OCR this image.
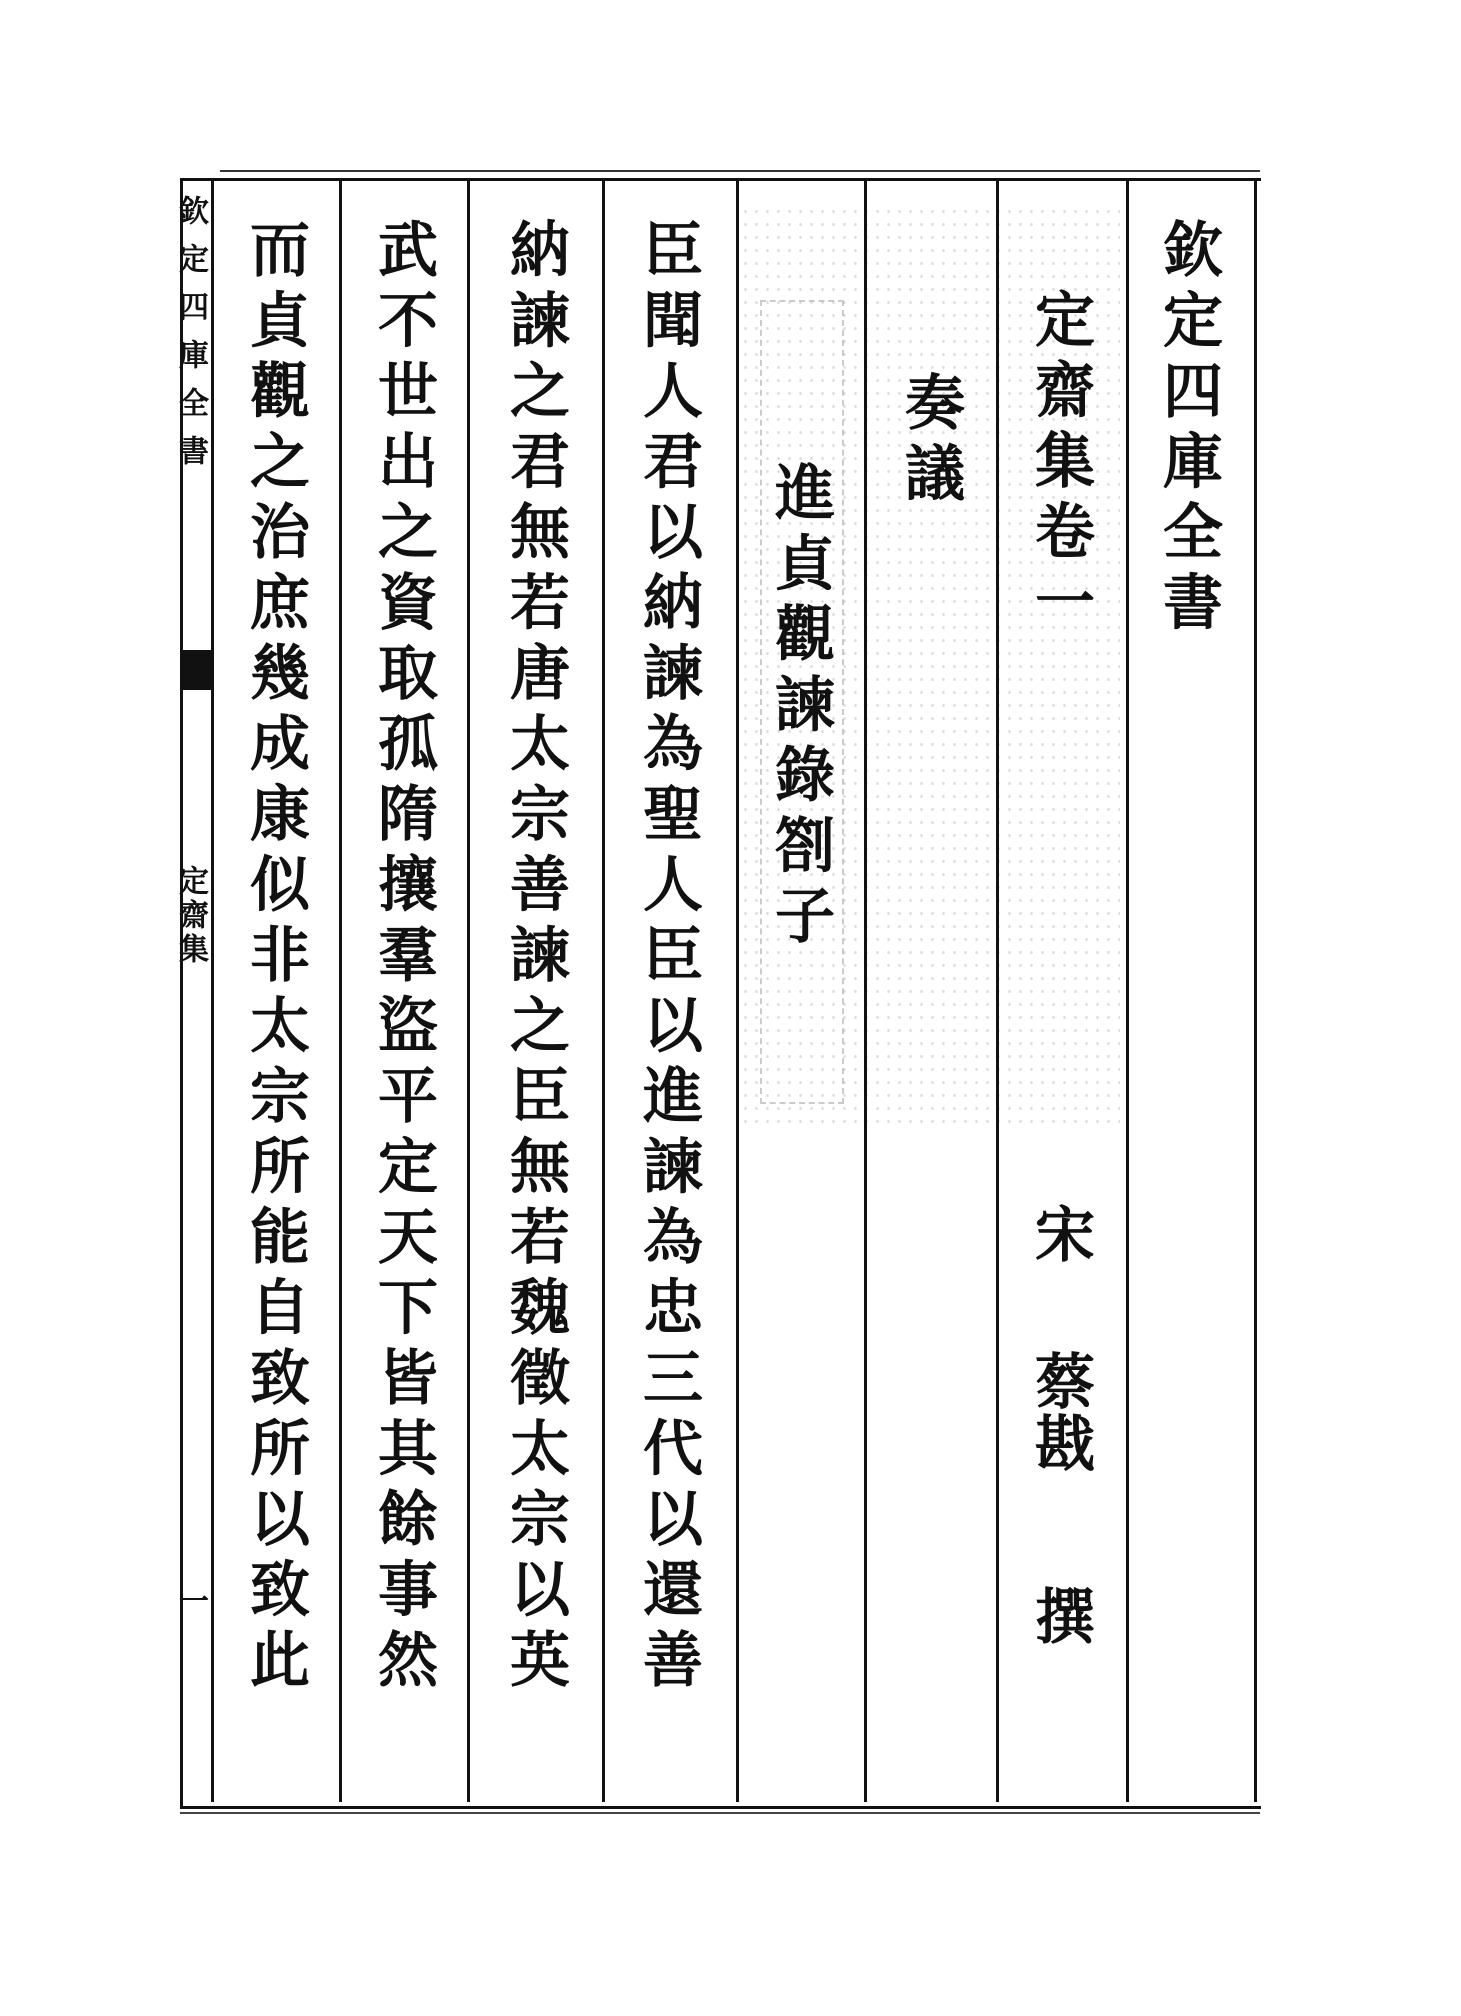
欽定四庫全書
定齋集
一
欽定四庫全書
定齋集卷一
宋
蔡戡
撰
奏議
進貞觀諫錄劄子
臣聞人君以納諫為聖人臣以進諫為忠三代以還善
納諫之君無若唐太宗善諫之臣無若魏徵太宗以英
武不世出之資取孤隋攘羣盜平定天下皆其餘事然
而貞觀之治庶幾成康似非太宗所能自致所以致此
